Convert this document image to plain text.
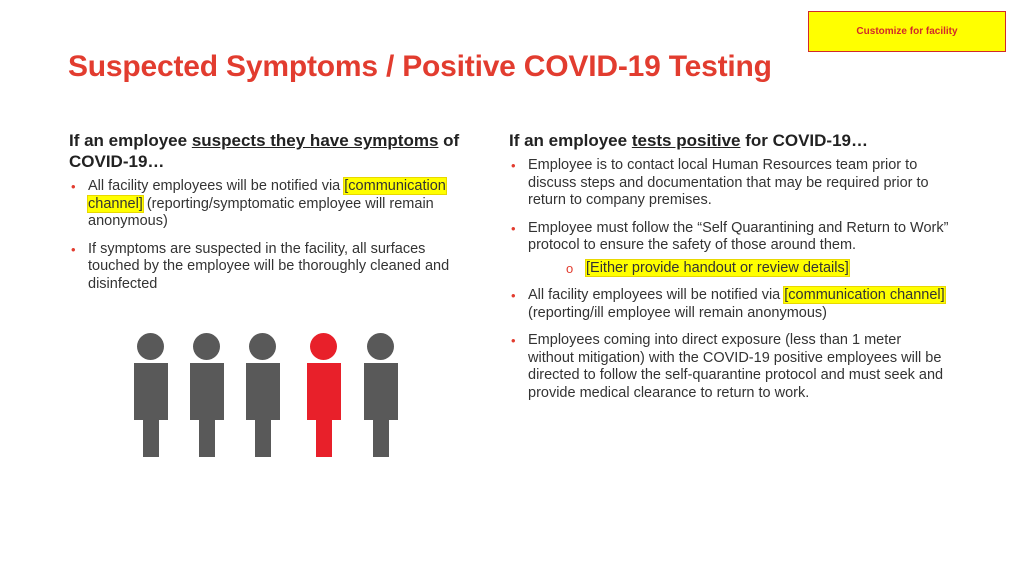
Customize for facility
Suspected Symptoms / Positive COVID-19 Testing

If an employee suspects they have symptoms of COVID-19…

• All facility employees will be notified via [communication channel] (reporting/symptomatic employee will remain anonymous)
• If symptoms are suspected in the facility, all surfaces touched by the employee will be thoroughly cleaned and disinfected

If an employee tests positive for COVID-19…

• Employee is to contact local Human Resources team prior to discuss steps and documentation that may be required prior to return to company premises.
• Employee must follow the “Self Quarantining and Return to Work” protocol to ensure the safety of those around them.
o [Either provide handout or review details]
• All facility employees will be notified via [communication channel] (reporting/ill employee will remain anonymous)
• Employees coming into direct exposure (less than 1 meter without mitigation) with the COVID-19 positive employees will be directed to follow the self-quarantine protocol and must seek and provide medical clearance to return to work.
